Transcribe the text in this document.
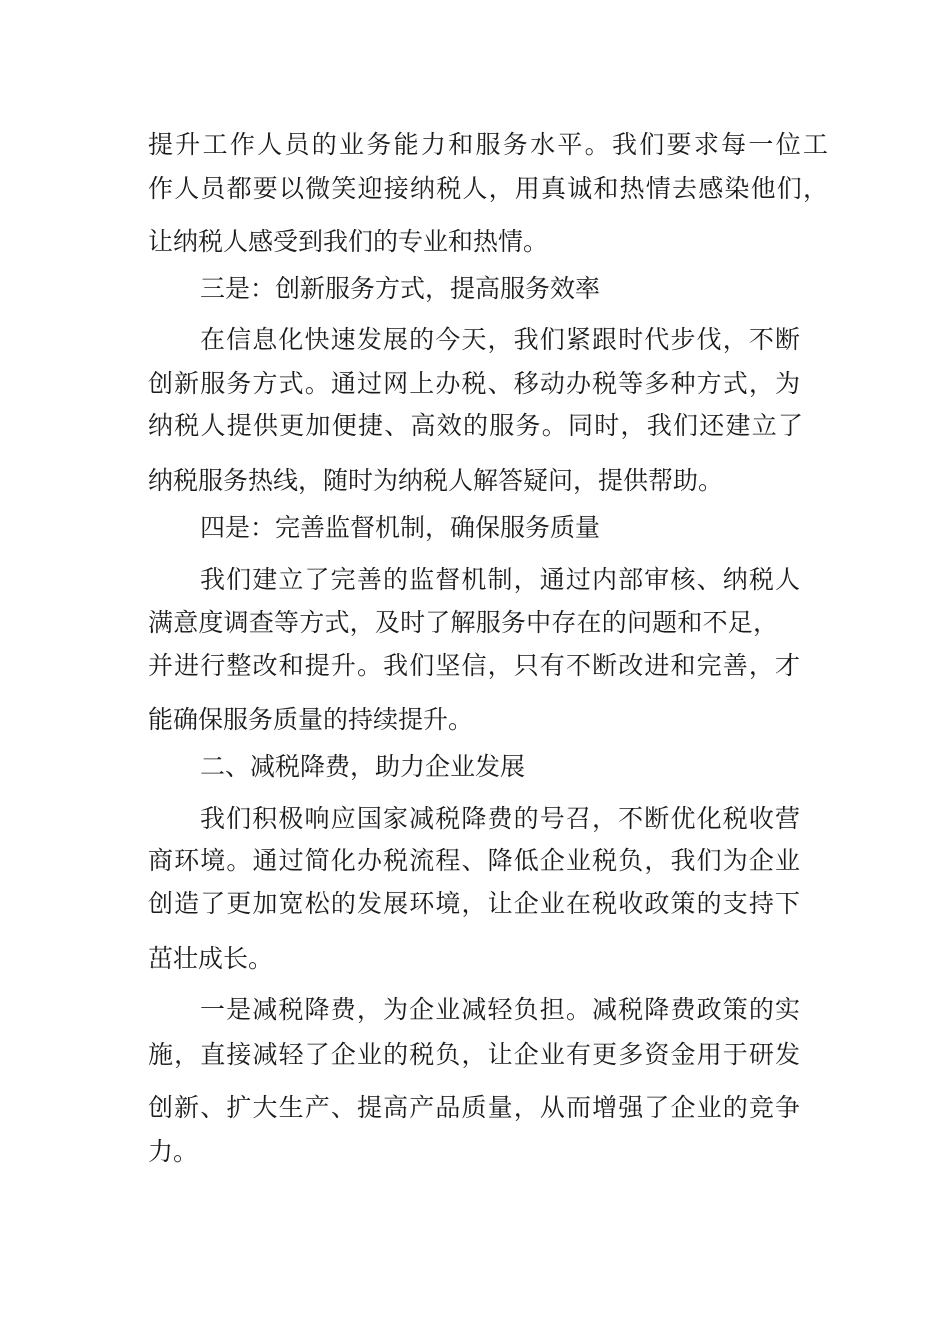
提升工作人员的业务能力和服务水平。我们要求每一位工
作人员都要以微笑迎接纳税人，用真诚和热情去感染他们，
让纳税人感受到我们的专业和热情。
三是：创新服务方式，提高服务效率
在信息化快速发展的今天，我们紧跟时代步伐，不断
创新服务方式。通过网上办税、移动办税等多种方式，为
纳税人提供更加便捷、高效的服务。同时，我们还建立了
纳税服务热线，随时为纳税人解答疑问，提供帮助。
四是：完善监督机制，确保服务质量
我们建立了完善的监督机制，通过内部审核、纳税人
满意度调查等方式，及时了解服务中存在的问题和不足，
并进行整改和提升。我们坚信，只有不断改进和完善，才
能确保服务质量的持续提升。
二、减税降费，助力企业发展
我们积极响应国家减税降费的号召，不断优化税收营
商环境。通过简化办税流程、降低企业税负，我们为企业
创造了更加宽松的发展环境，让企业在税收政策的支持下
茁壮成长。
一是减税降费，为企业减轻负担。减税降费政策的实
施，直接减轻了企业的税负，让企业有更多资金用于研发
创新、扩大生产、提高产品质量，从而增强了企业的竞争
力。
